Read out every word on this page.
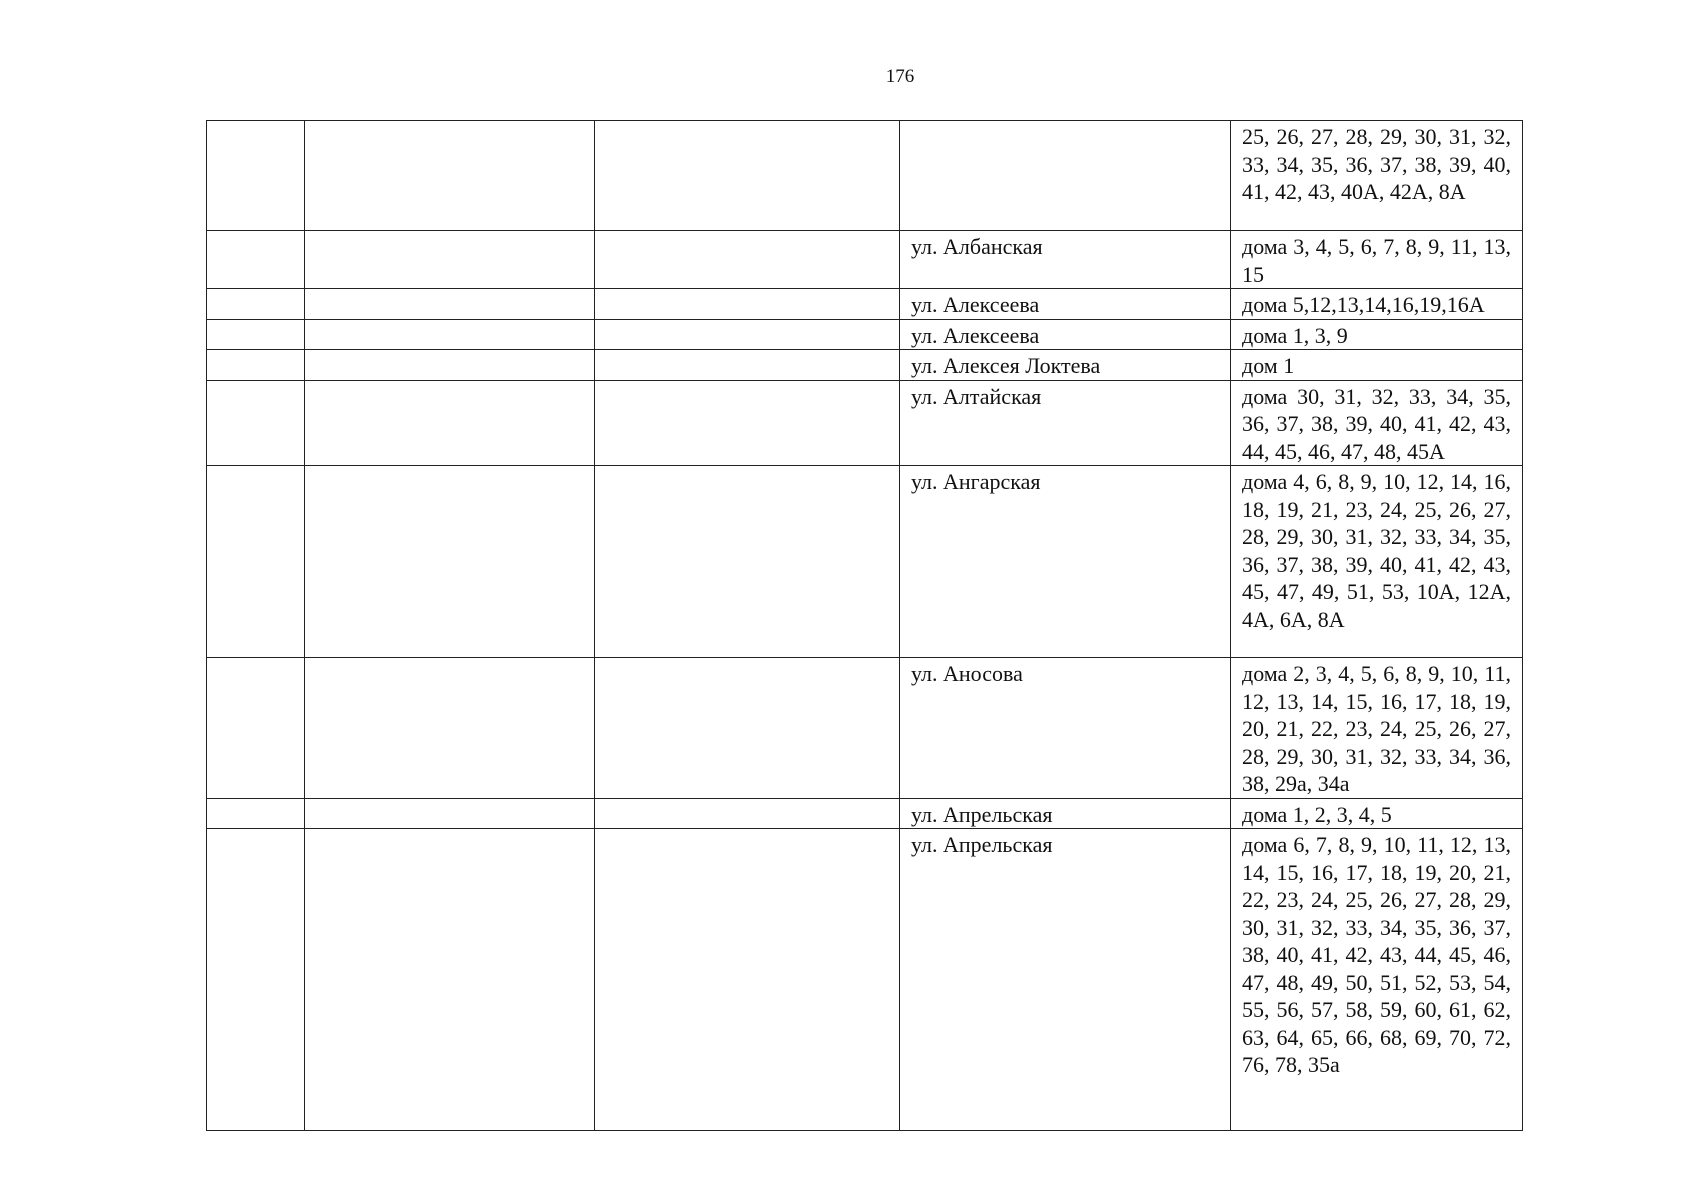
176
				25, 26, 27, 28, 29, 30, 31, 32, 33, 34, 35, 36, 37, 38, 39, 40, 41, 42, 43, 40А, 42А, 8А
			ул. Албанская	дома 3, 4, 5, 6, 7, 8, 9, 11, 13, 15
			ул. Алексеева	дома 5,12,13,14,16,19,16А
			ул. Алексеева	дома 1, 3, 9
			ул. Алексея Локтева	дом 1
			ул. Алтайская	дома 30, 31, 32, 33, 34, 35, 36, 37, 38, 39, 40, 41, 42, 43, 44, 45, 46, 47, 48, 45А
			ул. Ангарская	дома 4, 6, 8, 9, 10, 12, 14, 16, 18, 19, 21, 23, 24, 25, 26, 27, 28, 29, 30, 31, 32, 33, 34, 35, 36, 37, 38, 39, 40, 41, 42, 43, 45, 47, 49, 51, 53, 10А, 12А, 4А, 6А, 8А
			ул. Аносова	дома 2, 3, 4, 5, 6, 8, 9, 10, 11, 12, 13, 14, 15, 16, 17, 18, 19, 20, 21, 22, 23, 24, 25, 26, 27, 28, 29, 30, 31, 32, 33, 34, 36, 38, 29а, 34а
			ул. Апрельская	дома 1, 2, 3, 4, 5
			ул. Апрельская	дома 6, 7, 8, 9, 10, 11, 12, 13, 14, 15, 16, 17, 18, 19, 20, 21, 22, 23, 24, 25, 26, 27, 28, 29, 30, 31, 32, 33, 34, 35, 36, 37, 38, 40, 41, 42, 43, 44, 45, 46, 47, 48, 49, 50, 51, 52, 53, 54, 55, 56, 57, 58, 59, 60, 61, 62, 63, 64, 65, 66, 68, 69, 70, 72, 76, 78, 35а
